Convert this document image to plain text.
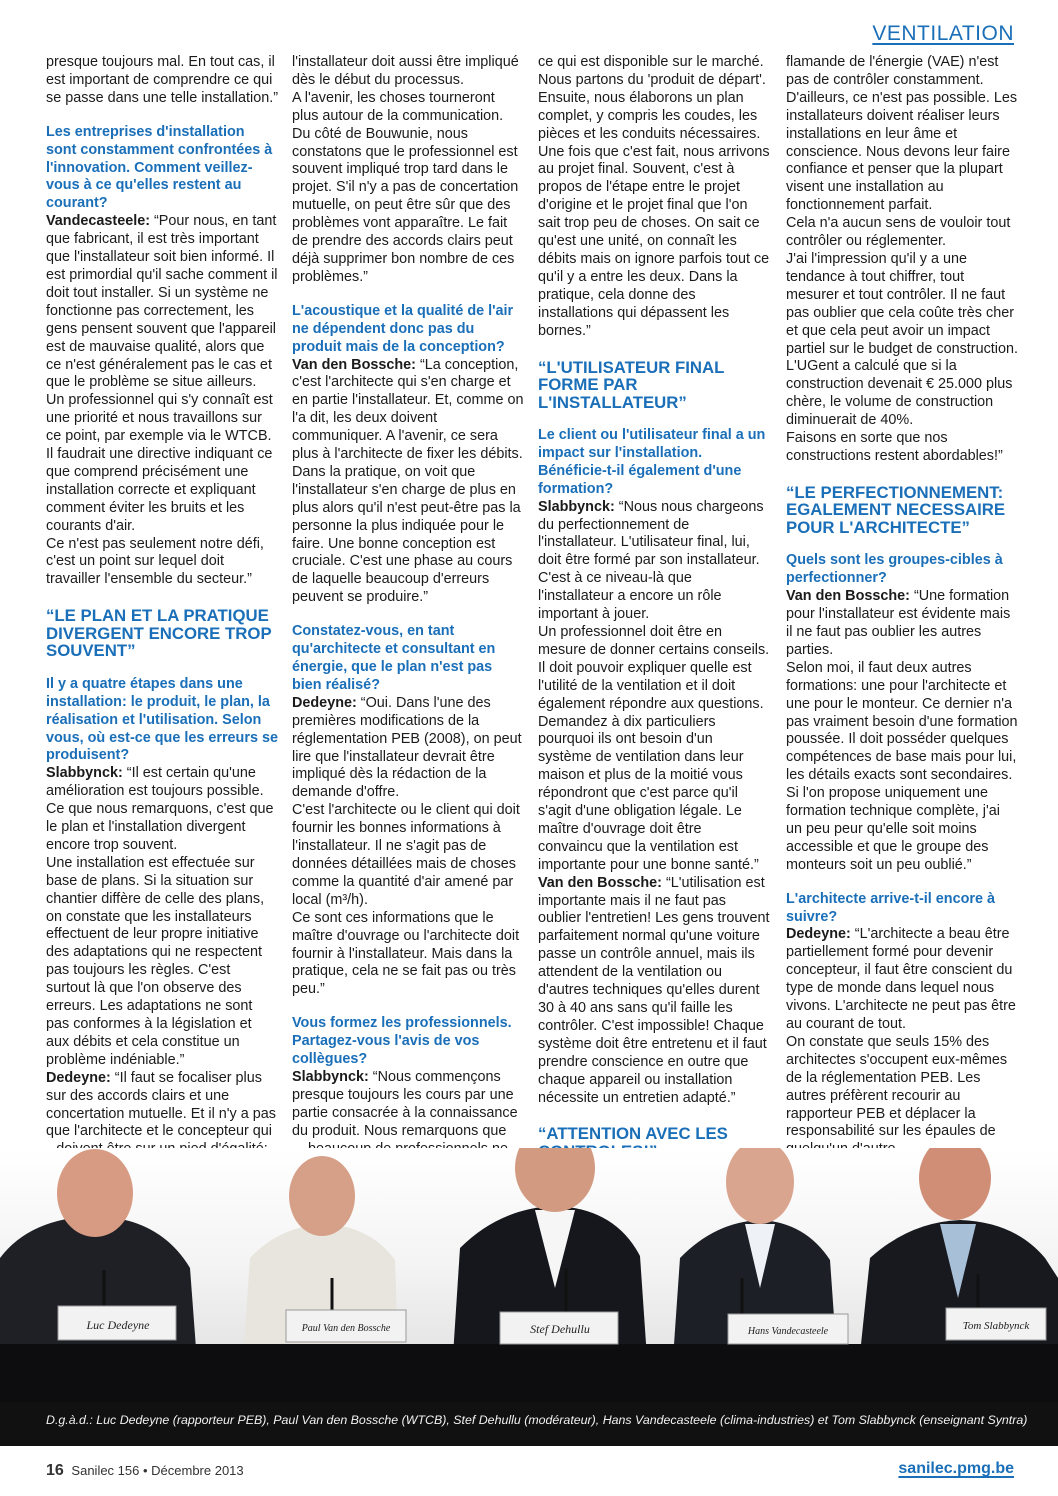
VENTILATION

presque toujours mal. En tout cas, il est important de comprendre ce qui se passe dans une telle installation.”

Les entreprises d'installation sont constamment confrontées à l'innovation. Comment veillez-vous à ce qu'elles restent au courant?

Vandecasteele: “Pour nous, en tant que fabricant, il est très important que l'installateur soit bien informé. Il est primordial qu'il sache comment il doit tout installer. Si un système ne fonctionne pas correctement, les gens pensent souvent que l'appareil est de mauvaise qualité, alors que ce n'est généralement pas le cas et que le problème se situe ailleurs. Un professionnel qui s'y connaît est une priorité et nous travaillons sur ce point, par exemple via le WTCB. Il faudrait une directive indiquant ce que comprend précisément une installation correcte et expliquant comment éviter les bruits et les courants d'air.

Ce n'est pas seulement notre défi, c'est un point sur lequel doit travailler l'ensemble du secteur.”

“LE PLAN ET LA PRATIQUE DIVERGENT ENCORE TROP SOUVENT”

Il y a quatre étapes dans une installation: le produit, le plan, la réalisation et l'utilisation. Selon vous, où est-ce que les erreurs se produisent?

Slabbynck: “Il est certain qu'une amélioration est toujours possible. Ce que nous remarquons, c'est que le plan et l'installation divergent encore trop souvent.

Une installation est effectuée sur base de plans. Si la situation sur chantier diffère de celle des plans, on constate que les installateurs effectuent de leur propre initiative des adaptations qui ne respectent pas toujours les règles. C'est surtout là que l'on observe des erreurs. Les adaptations ne sont pas conformes à la législation et aux débits et cela constitue un problème indéniable.”

Dedeyne: “Il faut se focaliser plus sur des accords clairs et une concertation mutuelle. Et il n'y a pas que l'architecte et le concepteur qui

l'installateur doit aussi être impliqué dès le début du processus.

A l'avenir, les choses tourneront plus autour de la communication. Du côté de Bouwunie, nous constatons que le professionnel est souvent impliqué trop tard dans le projet. S'il n'y a pas de concertation mutuelle, on peut être sûr que des problèmes vont apparaître. Le fait de prendre des accords clairs peut déjà supprimer bon nombre de ces problèmes.”

L'acoustique et la qualité de l'air ne dépendent donc pas du produit mais de la conception?

Van den Bossche: “La conception, c'est l'architecte qui s'en charge et en partie l'installateur. Et, comme on l'a dit, les deux doivent communiquer. A l'avenir, ce sera plus à l'architecte de fixer les débits.

Dans la pratique, on voit que l'installateur s'en charge de plus en plus alors qu'il n'est peut-être pas la personne la plus indiquée pour le faire. Une bonne conception est cruciale. C'est une phase au cours de laquelle beaucoup d'erreurs peuvent se produire.”

Constatez-vous, en tant qu'architecte et consultant en énergie, que le plan n'est pas bien réalisé?

Dedeyne: “Oui. Dans l'une des premières modifications de la réglementation PEB (2008), on peut lire que l'installateur devrait être impliqué dès la rédaction de la demande d'offre.

C'est l'architecte ou le client qui doit fournir les bonnes informations à l'installateur. Il ne s'agit pas de données détaillées mais de choses comme la quantité d'air amené par local (m³/h).

Ce sont ces informations que le maître d'ouvrage ou l'architecte doit fournir à l'installateur. Mais dans la pratique, cela ne se fait pas ou très peu.”

Vous formez les professionnels. Partagez-vous l'avis de vos collègues?

Slabbynck: “Nous commençons presque toujours les cours par une partie consacrée à la connaissance du produit. Nous remarquons que

ce qui est disponible sur le marché. Nous partons du 'produit de départ'. Ensuite, nous élaborons un plan complet, y compris les coudes, les pièces et les conduits nécessaires. Une fois que c'est fait, nous arrivons au projet final. Souvent, c'est à propos de l'étape entre le projet d'origine et le projet final que l'on sait trop peu de choses. On sait ce qu'est une unité, on connaît les débits mais on ignore parfois tout ce qu'il y a entre les deux. Dans la pratique, cela donne des installations qui dépassent les bornes.”

“L'UTILISATEUR FINAL FORME PAR L'INSTALLATEUR”

Le client ou l'utilisateur final a un impact sur l'installation. Bénéficie-t-il également d'une formation?

Slabbynck: “Nous nous chargeons du perfectionnement de l'installateur. L'utilisateur final, lui, doit être formé par son installateur. C'est à ce niveau-là que l'installateur a encore un rôle important à jouer.

Un professionnel doit être en mesure de donner certains conseils. Il doit pouvoir expliquer quelle est l'utilité de la ventilation et il doit également répondre aux questions.

Demandez à dix particuliers pourquoi ils ont besoin d'un système de ventilation dans leur maison et plus de la moitié vous répondront que c'est parce qu'il s'agit d'une obligation légale. Le maître d'ouvrage doit être convaincu que la ventilation est importante pour une bonne santé.”

Van den Bossche: “L'utilisation est importante mais il ne faut pas oublier l'entretien! Les gens trouvent parfaitement normal qu'une voiture passe un contrôle annuel, mais ils attendent de la ventilation ou d'autres techniques qu'elles durent 30 à 40 ans sans qu'il faille les contrôler. C'est impossible! Chaque système doit être entretenu et il faut prendre conscience en outre que chaque appareil ou installation nécessite un entretien adapté.”

“ATTENTION AVEC LES

flamande de l'énergie (VAE) n'est pas de contrôler constamment. D'ailleurs, ce n'est pas possible. Les installateurs doivent réaliser leurs installations en leur âme et conscience. Nous devons leur faire confiance et penser que la plupart visent une installation au fonctionnement parfait.

Cela n'a aucun sens de vouloir tout contrôler ou réglementer.

J'ai l'impression qu'il y a une tendance à tout chiffrer, tout mesurer et tout contrôler. Il ne faut pas oublier que cela coûte très cher et que cela peut avoir un impact partiel sur le budget de construction.

L'UGent a calculé que si la construction devenait € 25.000 plus chère, le volume de construction diminuerait de 40%.

Faisons en sorte que nos constructions restent abordables!”

“LE PERFECTIONNEMENT: EGALEMENT NECESSAIRE POUR L'ARCHITECTE”

Quels sont les groupes-cibles à perfectionner?

Van den Bossche: “Une formation pour l'installateur est évidente mais il ne faut pas oublier les autres parties.

Selon moi, il faut deux autres formations: une pour l'architecte et une pour le monteur. Ce dernier n'a pas vraiment besoin d'une formation poussée. Il doit posséder quelques compétences de base mais pour lui, les détails exacts sont secondaires. Si l'on propose uniquement une formation technique complète, j'ai un peu peur qu'elle soit moins accessible et que le groupe des monteurs soit un peu oublié.”

L'architecte arrive-t-il encore à suivre?

Dedeyne: “L'architecte a beau être partiellement formé pour devenir concepteur, il faut être conscient du type de monde dans lequel nous vivons. L'architecte ne peut pas être au courant de tout.

On constate que seuls 15% des architectes s'occupent eux-mêmes de la réglementation PEB. Les autres préfèrent recourir au rapporteur PEB et déplacer la responsabilité sur les épaules de

Luc Dedeyne	Paul Van den Bossche	Stef Dehullu	Hans Vandecasteele	Tom Slabbynck
D.g.à.d.: Luc Dedeyne (rapporteur PEB), Paul Van den Bossche (WTCB), Stef Dehullu (modérateur), Hans Vandecasteele (clima-industries) et Tom Slabbynck (enseignant Syntra)
16 Sanilec 156 • Décembre 2013	sanilec.pmg.be
